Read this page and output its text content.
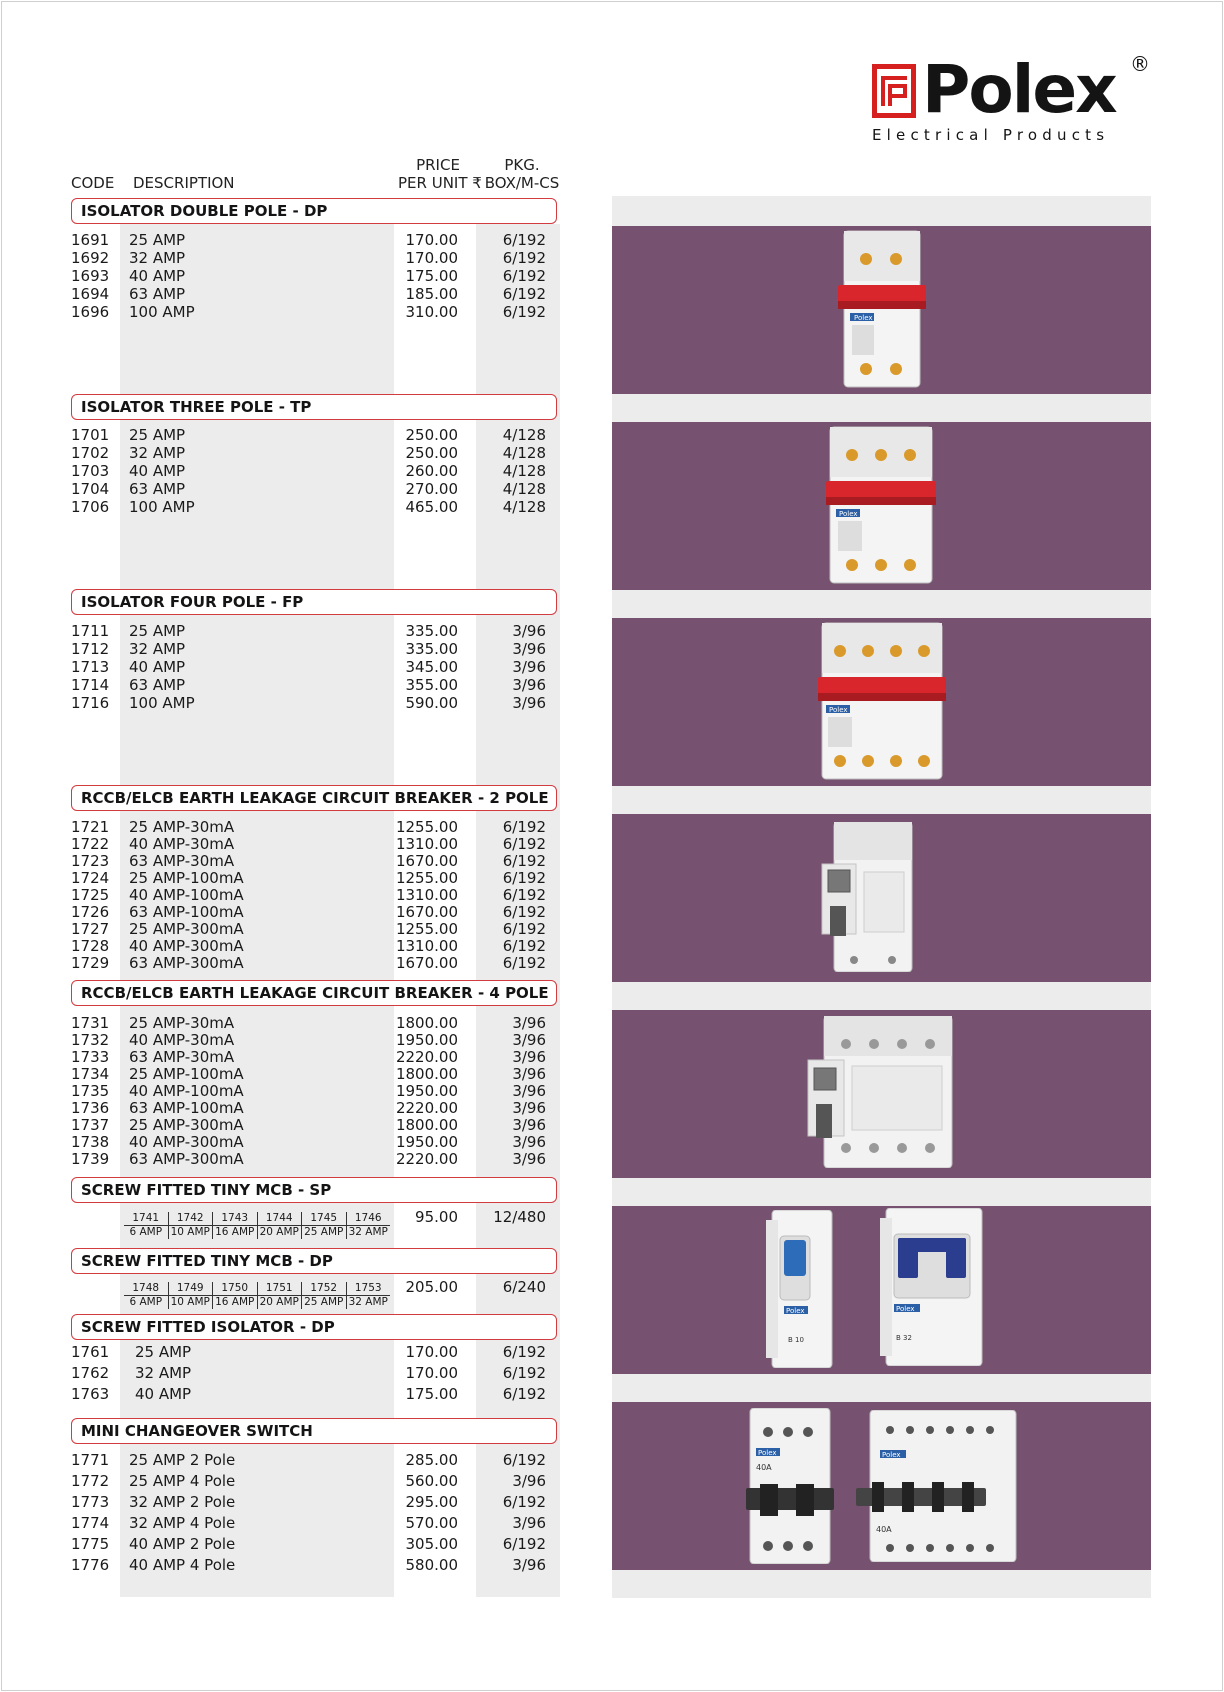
Polex ®
Electrical Products
CODE DESCRIPTION
PRICE
PER UNIT ₹
PKG.
BOX/M-CS
ISOLATOR DOUBLE POLE - DP
1691 25 AMP	170.00	6/192
1692 32 AMP	170.00	6/192
1693 40 AMP	175.00	6/192
1694 63 AMP	185.00	6/192
1696 100 AMP	310.00	6/192
ISOLATOR THREE POLE - TP
1701 25 AMP	250.00	4/128
1702 32 AMP	250.00	4/128
1703 40 AMP	260.00	4/128
1704 63 AMP	270.00	4/128
1706 100 AMP	465.00	4/128
ISOLATOR FOUR POLE - FP
1711 25 AMP	335.00	3/96
1712 32 AMP	335.00	3/96
1713 40 AMP	345.00	3/96
1714 63 AMP	355.00	3/96
1716 100 AMP	590.00	3/96
RCCB/ELCB EARTH LEAKAGE CIRCUIT BREAKER - 2 POLE
1721 25 AMP-30mA	1255.00	6/192
1722 40 AMP-30mA	1310.00	6/192
1723 63 AMP-30mA	1670.00	6/192
1724 25 AMP-100mA	1255.00	6/192
1725 40 AMP-100mA	1310.00	6/192
1726 63 AMP-100mA	1670.00	6/192
1727 25 AMP-300mA	1255.00	6/192
1728 40 AMP-300mA	1310.00	6/192
1729 63 AMP-300mA	1670.00	6/192
RCCB/ELCB EARTH LEAKAGE CIRCUIT BREAKER - 4 POLE
1731 25 AMP-30mA	1800.00	3/96
1732 40 AMP-30mA	1950.00	3/96
1733 63 AMP-30mA	2220.00	3/96
1734 25 AMP-100mA	1800.00	3/96
1735 40 AMP-100mA	1950.00	3/96
1736 63 AMP-100mA	2220.00	3/96
1737 25 AMP-300mA	1800.00	3/96
1738 40 AMP-300mA	1950.00	3/96
1739 63 AMP-300mA	2220.00	3/96
SCREW FITTED TINY MCB - SP
1741	1742	1743	1744	1745	1746
6 AMP 10 AMP 16 AMP 20 AMP 25 AMP 32 AMP
95.00	12/480
SCREW FITTED TINY MCB - DP
1748	1749	1750	1751	1752	1753
6 AMP 10 AMP 16 AMP 20 AMP 25 AMP 32 AMP
205.00	6/240
SCREW FITTED ISOLATOR - DP
1761 25 AMP	170.00	6/192
1762 32 AMP	170.00	6/192
1763 40 AMP	175.00	6/192
MINI CHANGEOVER SWITCH
1771 25 AMP 2 Pole	285.00	6/192
1772 25 AMP 4 Pole	560.00	3/96
1773 32 AMP 2 Pole	295.00	6/192
1774 32 AMP 4 Pole	570.00	3/96
1775 40 AMP 2 Pole	305.00	6/192
1776 40 AMP 4 Pole	580.00	3/96
Polex
Polex
Polex
Polex
B 10
Polex
B 32
Polex
40A
Polex
40A
